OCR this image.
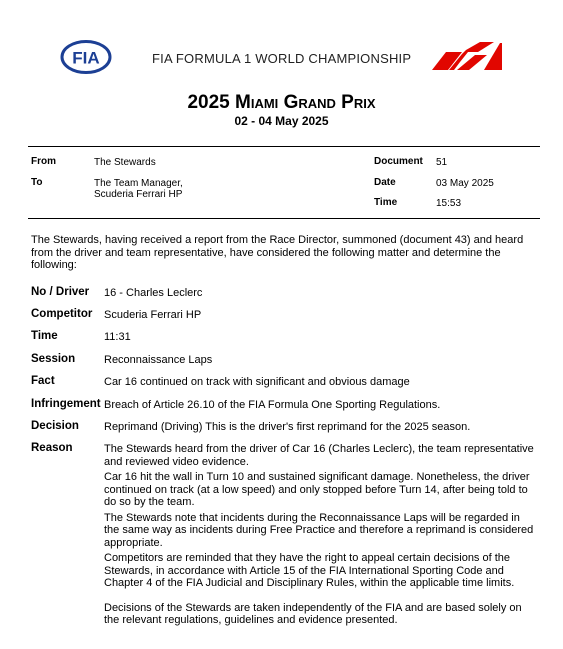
FIA	FIA FORMULA 1 WORLD CHAMPIONSHIP
2025 Miami Grand Prix
02 - 04 May 2025
From	The Stewards
To	The Team Manager,
Scuderia Ferrari HP
Document 51
Date	03 May 2025
Time	15:53
The Stewards, having received a report from the Race Director, summoned (document 43) and heard from the driver and team representative, have considered the following matter and determine the following:
No / Driver 16 - Charles Leclerc
Competitor Scuderia Ferrari HP
Time	11:31
Session	Reconnaissance Laps
Fact	Car 16 continued on track with significant and obvious damage
Infringement Breach of Article 26.10 of the FIA Formula One Sporting Regulations.
Decision Reprimand (Driving) This is the driver's first reprimand for the 2025 season.
Reason	The Stewards heard from the driver of Car 16 (Charles Leclerc), the team representative and reviewed video evidence.

Car 16 hit the wall in Turn 10 and sustained significant damage. Nonetheless, the driver continued on track (at a low speed) and only stopped before Turn 14, after being told to do so by the team.

The Stewards note that incidents during the Reconnaissance Laps will be regarded in the same way as incidents during Free Practice and therefore a reprimand is considered appropriate.

Competitors are reminded that they have the right to appeal certain decisions of the Stewards, in accordance with Article 15 of the FIA International Sporting Code and Chapter 4 of the FIA Judicial and Disciplinary Rules, within the applicable time limits.

Decisions of the Stewards are taken independently of the FIA and are based solely on the relevant regulations, guidelines and evidence presented.
